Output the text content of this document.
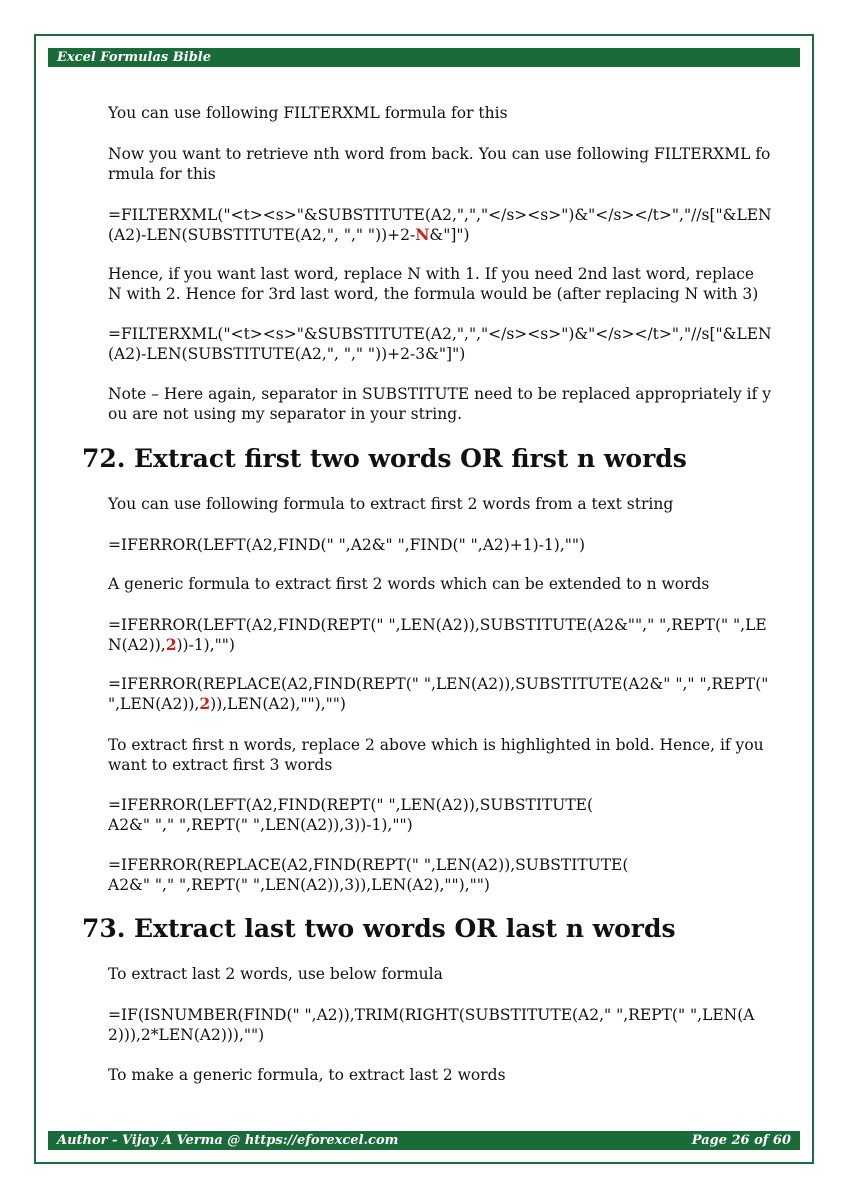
Excel Formulas Bible

You can use following FILTERXML formula for this

Now you want to retrieve nth word from back. You can use following FILTERXML formula for this

=FILTERXML("<t><s>"&SUBSTITUTE(A2,",","</s><s>")&"</s></t>","//s["&LEN(A2)-LEN(SUBSTITUTE(A2,", "," "))+2-N&"]")

Hence, if you want last word, replace N with 1. If you need 2nd last word, replace N with 2. Hence for 3rd last word, the formula would be (after replacing N with 3)

=FILTERXML("<t><s>"&SUBSTITUTE(A2,",","</s><s>")&"</s></t>","//s["&LEN(A2)-LEN(SUBSTITUTE(A2,", "," "))+2-3&"]")

Note – Here again, separator in SUBSTITUTE need to be replaced appropriately if you are not using my separator in your string.

72. Extract first two words OR first n words

You can use following formula to extract first 2 words from a text string

=IFERROR(LEFT(A2,FIND(" ",A2&" ",FIND(" ",A2)+1)-1),"")

A generic formula to extract first 2 words which can be extended to n words

=IFERROR(LEFT(A2,FIND(REPT(" ",LEN(A2)),SUBSTITUTE(A2&""," ",REPT(" ",LEN(A2)),2))-1),"")

=IFERROR(REPLACE(A2,FIND(REPT(" ",LEN(A2)),SUBSTITUTE(A2&" "," ",REPT(" ",LEN(A2)),2)),LEN(A2),""),"")

To extract first n words, replace 2 above which is highlighted in bold. Hence, if you want to extract first 3 words

=IFERROR(LEFT(A2,FIND(REPT(" ",LEN(A2)),SUBSTITUTE(
A2&" "," ",REPT(" ",LEN(A2)),3))-1),"")

=IFERROR(REPLACE(A2,FIND(REPT(" ",LEN(A2)),SUBSTITUTE(
A2&" "," ",REPT(" ",LEN(A2)),3)),LEN(A2),""),"")

73. Extract last two words OR last n words

To extract last 2 words, use below formula

=IF(ISNUMBER(FIND(" ",A2)),TRIM(RIGHT(SUBSTITUTE(A2," ",REPT(" ",LEN(A2))),2*LEN(A2))),"")

To make a generic formula, to extract last 2 words

Author - Vijay A Verma @ https://eforexcel.com	Page 26 of 60
